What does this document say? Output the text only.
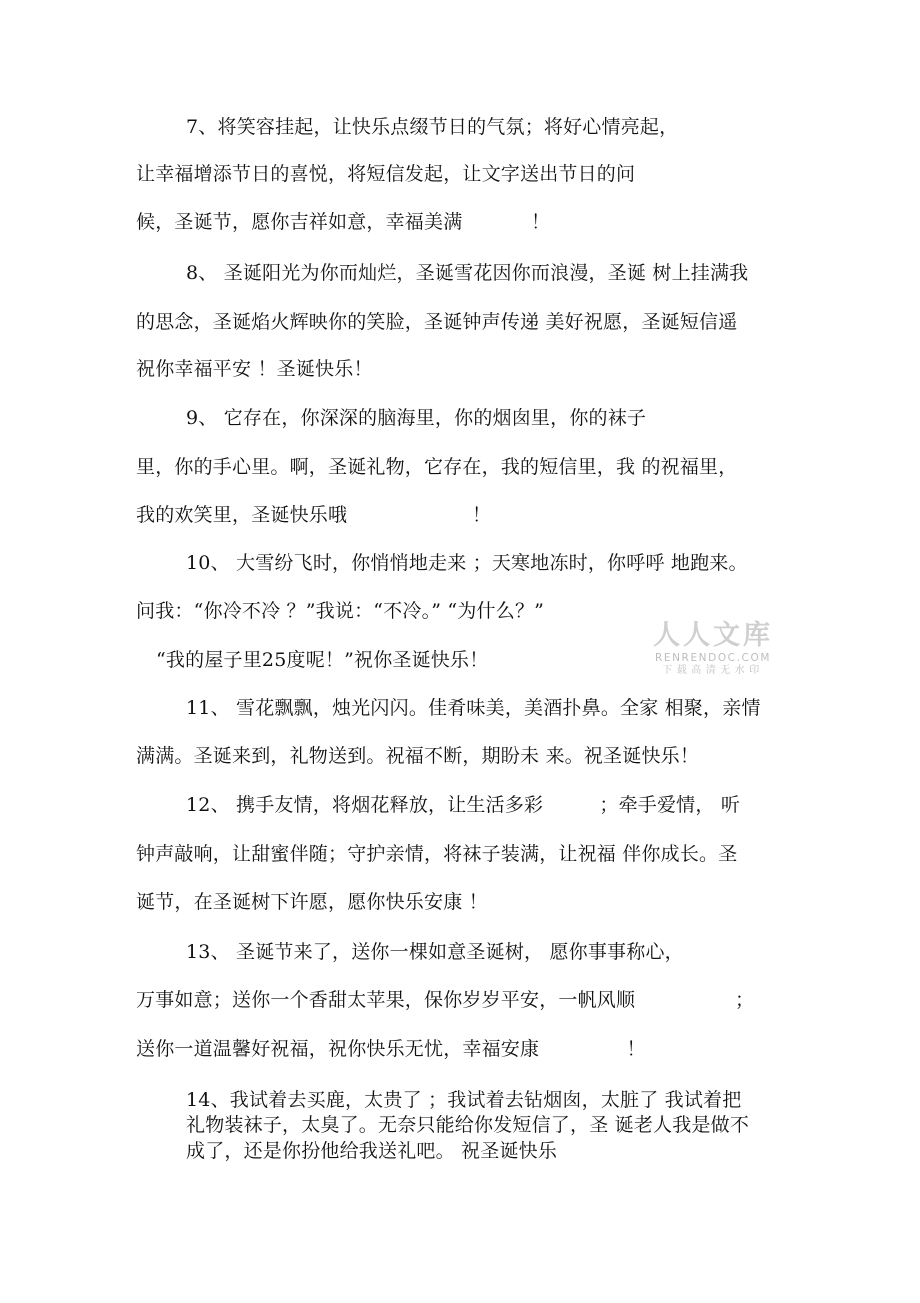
7、将笑容挂起，让快乐点缀节日的气氛；将好心情亮起，
让幸福增添节日的喜悦，将短信发起，让文字送出节日的问
候，圣诞节，愿你吉祥如意，幸福美满           ！
8、 圣诞阳光为你而灿烂，圣诞雪花因你而浪漫，圣诞 树上挂满我
的思念，圣诞焰火辉映你的笑脸，圣诞钟声传递 美好祝愿，圣诞短信遥
祝你幸福平安 ！圣诞快乐！
9、 它存在，你深深的脑海里，你的烟囱里，你的袜子
里，你的手心里。啊，圣诞礼物，它存在，我的短信里，我 的祝福里，
我的欢笑里，圣诞快乐哦                    ！
10、 大雪纷飞时，你悄悄地走来 ；天寒地冻时，你呼呼 地跑来。
问我：“你冷不冷 ？”我说：“不冷。” “为什么？”
“我的屋子里25度呢！”祝你圣诞快乐！
11、 雪花飘飘，烛光闪闪。佳肴味美，美酒扑鼻。全家 相聚，亲情
满满。圣诞来到，礼物送到。祝福不断，期盼未 来。祝圣诞快乐！
12、 携手友情，将烟花释放，让生活多彩         ；牵手爱情， 听
钟声敲响，让甜蜜伴随；守护亲情，将袜子装满，让祝福 伴你成长。圣
诞节，在圣诞树下许愿，愿你快乐安康 ！
13、 圣诞节来了，送你一棵如意圣诞树， 愿你事事称心，
万事如意；送你一个香甜太苹果，保你岁岁平安，一帆风顺                ；
送你一道温馨好祝福，祝你快乐无忧，幸福安康              ！
14、我试着去买鹿，太贵了 ；我试着去钻烟囱，太脏了 我试着把
礼物装袜子，太臭了。无奈只能给你发短信了，圣 诞老人我是做不
成了，还是你扮他给我送礼吧。 祝圣诞快乐
人人文库
RENRENDOC.COM
下载高清无水印
